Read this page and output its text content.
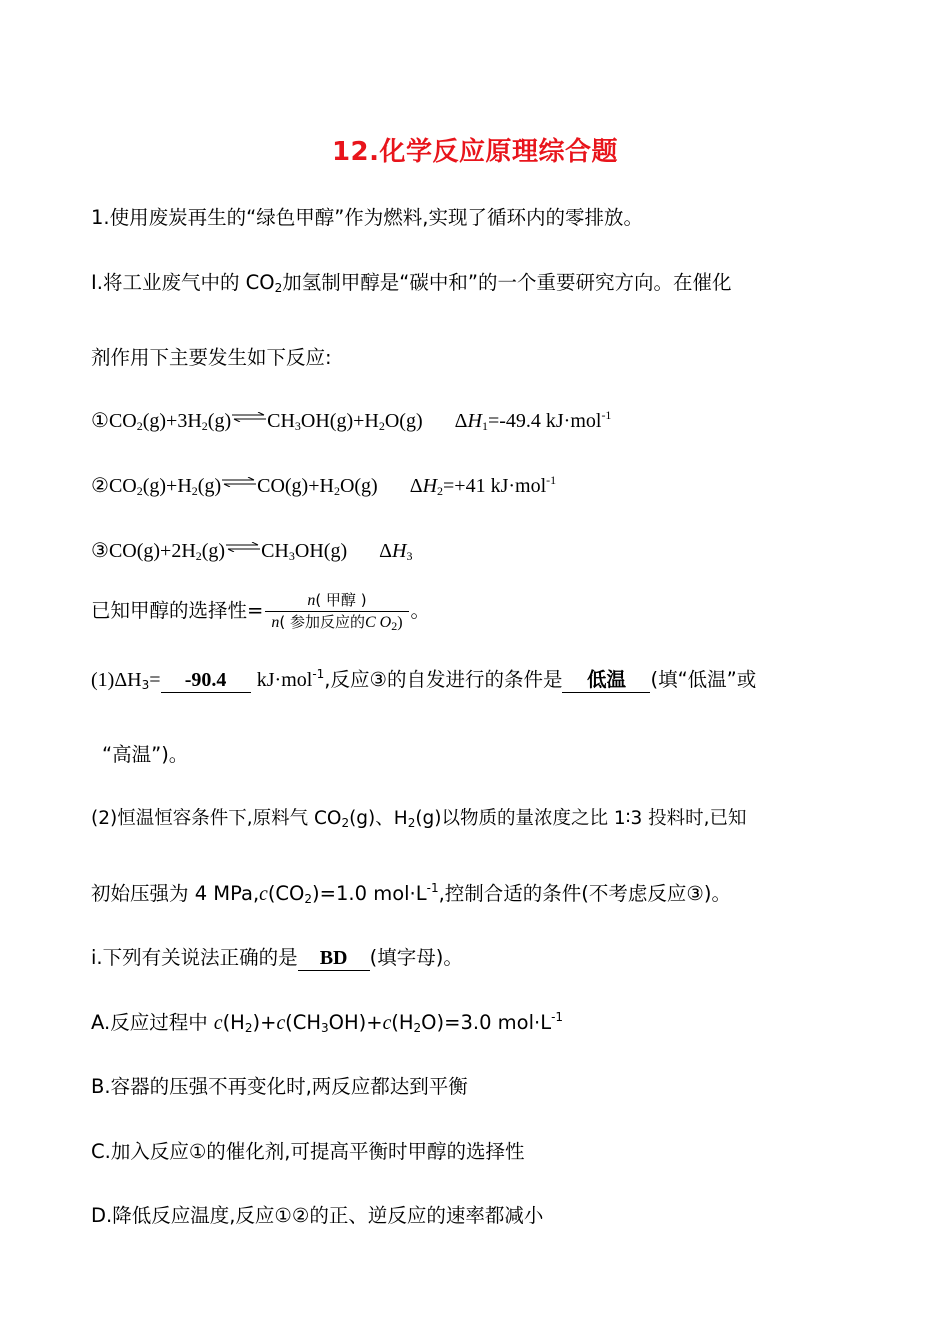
12.化学反应原理综合题
1.使用废炭再生的“绿色甲醇”作为燃料,实现了循环内的零排放。
Ⅰ.将工业废气中的 $CO_2$加氢制甲醇是“碳中和”的一个重要研究方向。在催化
剂作用下主要发生如下反应:
$①CO_2(g)+3H_2(g)\rightleftharpoons CH_3OH(g)+H_2O(g)$ $\Delta H_1=-49.4$ kJ·mol$^{-1}$
$②CO_2(g)+H_2(g)\rightleftharpoons CO(g)+H_2O(g)$ $\Delta H_2=+41$ kJ·mol$^{-1}$
$③CO(g)+2H_2(g)\rightleftharpoons CH_3OH(g)$ $\Delta H_3$
已知甲醇的选择性= $\frac{\text{n( 甲醇 )}}{n( 参加反应的C O_2)}$ 。
$(1)\Delta H_3= -90.4$ kJ·mol$^{-1}$,反应③的自发进行的条件是 低温 (填“低温”或
“高温”)。
(2)恒温恒容条件下,原料气 $CO_2(g)$、$H_2(g)$以物质的量浓度之比 1∶3 投料时,已知
初始压强为 4 $MPa,c(CO_2)=1.0$ $mol\cdot L^{-1}$,控制合适的条件(不考虑反应③)。
i.下列有关说法正确的是 BD (填字母)。
A.反应过程中 $c(H_2)+c(CH_3OH)+c(H_2O)=3.0$ $mol\cdot L^{-1}$
B.容器的压强不再变化时,两反应都达到平衡
C.加入反应①的催化剂,可提高平衡时甲醇的选择性
D.降低反应温度,反应①②的正、逆反应的速率都减小
